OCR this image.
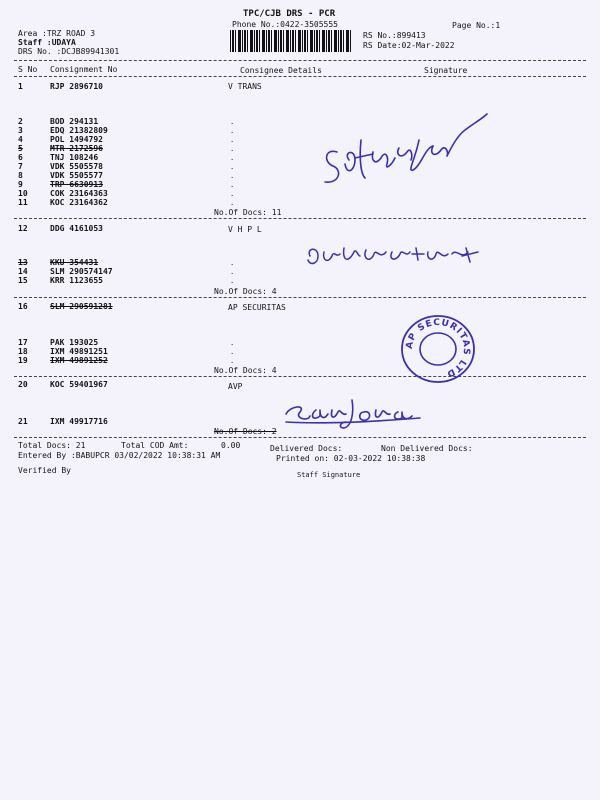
TPC/CJB DRS - PCR
Phone No.:0422-3505555	Page No.:1
Area :TRZ ROAD 3
Staff :UDAYA
DRS No. :DCJB89941301
RS No.:899413
RS Date:02-Mar-2022
S No Consignment No	Consignee Details	Signature
1	RJP 2896710	V TRANS
2	BOD 294131
3	EDQ 21382809
4	POL 1494792
5	MTR 2172596
6	TNJ 108246
7	VDK 5505578
8	VDK 5505577
9	TRP 6630913
10	COK 23164363
11	KOC 23164362
No.Of Docs: 11
12	DDG 4161053	V H P L
13	KKU 354431
14	SLM 290574147
15	KRR 1123655
No.Of Docs: 4
16	SLM 290591281	AP SECURITAS
17	PAK 193025
18	IXM 49891251
19	IXM 49891252
No.Of Docs: 4
20	KOC 59401967	AVP
21	IXM 49917716
No.Of Docs: 2
.
.
.
.
.
.
.
.
.
.
.
.
.
.
.
.
Total Docs: 21	Total COD Amt:	0.00	Delivered Docs:	Non Delivered Docs:
Entered By :BABUPCR 03/02/2022 10:38:31 AM	Printed on: 02-03-2022 10:38:38
Verified By	Staff Signature
AP SECURITAS LTD
